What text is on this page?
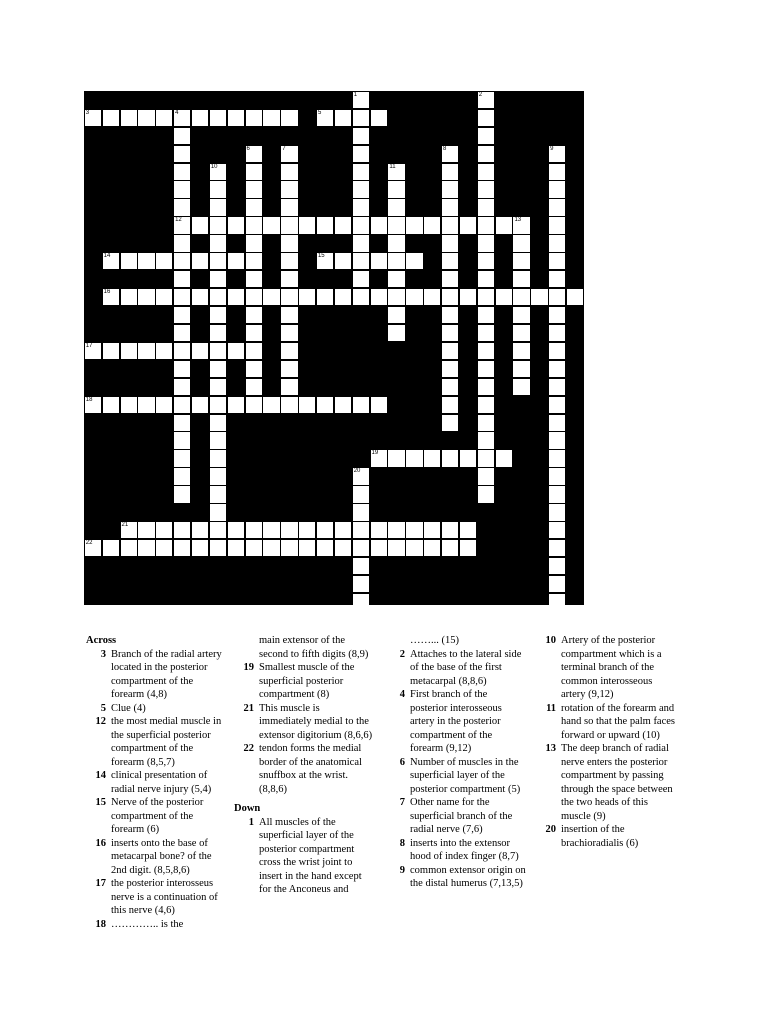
3	4	5
12	13
14	15
16
17
18
19
21
22
1	2
6	7	8	9
10	11
20
Across
3 Branch of the radial artery located in the posterior compartment of the forearm (4,8)
5 Clue (4)
12 the most medial muscle in the superficial posterior compartment of the forearm (8,5,7)
14 clinical presentation of radial nerve injury (5,4)
15 Nerve of the posterior compartment of the forearm (6)
16 inserts onto the base of metacarpal bone? of the 2nd digit. (8,5,8,6)
17 the posterior interosseus nerve is a continuation of this nerve (4,6)
18 ………….. is the
main extensor of the second to fifth digits (8,9)
19 Smallest muscle of the superficial posterior compartment (8)
21 This muscle is immediately medial to the extensor digitorium (8,6,6)
22 tendon forms the medial border of the anatomical snuffbox at the wrist. (8,8,6)
Down
1 All muscles of the superficial layer of the posterior compartment cross the wrist joint to insert in the hand except for the Anconeus and
……... (15)
2 Attaches to the lateral side of the base of the first metacarpal (8,8,6)
4 First branch of the posterior interosseous artery in the posterior compartment of the forearm (9,12)
6 Number of muscles in the superficial layer of the posterior compartment (5)
7 Other name for the superficial branch of the radial nerve (7,6)
8 inserts into the extensor hood of index finger (8,7)
9 common extensor origin on the distal humerus (7,13,5)
10 Artery of the posterior compartment which is a terminal branch of the common interosseous artery (9,12)
11 rotation of the forearm and hand so that the palm faces forward or upward (10)
13 The deep branch of radial nerve enters the posterior compartment by passing through the space between the two heads of this muscle (9)
20 insertion of the brachioradialis (6)
